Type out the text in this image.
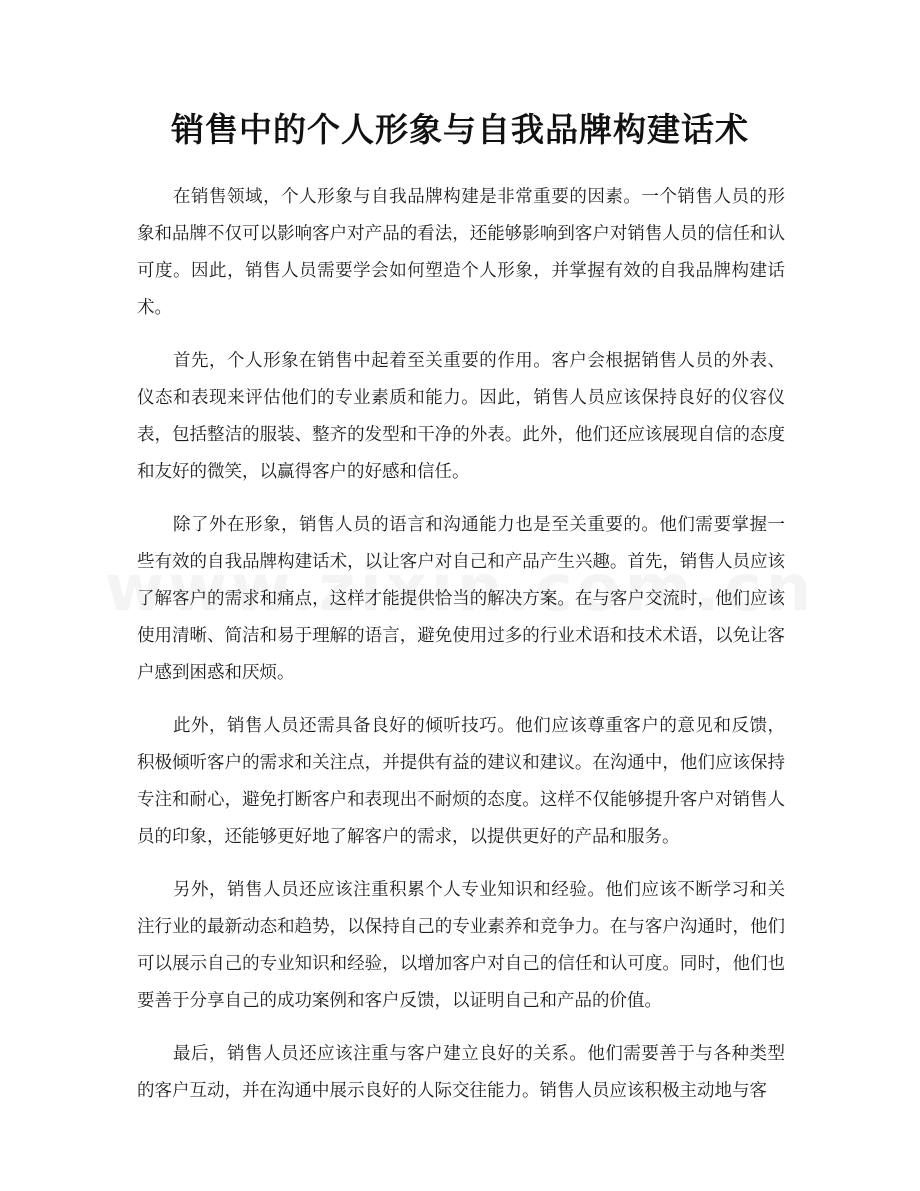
销售中的个人形象与自我品牌构建话术

在销售领域，个人形象与自我品牌构建是非常重要的因素。一个销售人员的形象和品牌不仅可以影响客户对产品的看法，还能够影响到客户对销售人员的信任和认可度。因此，销售人员需要学会如何塑造个人形象，并掌握有效的自我品牌构建话术。

首先，个人形象在销售中起着至关重要的作用。客户会根据销售人员的外表、仪态和表现来评估他们的专业素质和能力。因此，销售人员应该保持良好的仪容仪表，包括整洁的服装、整齐的发型和干净的外表。此外，他们还应该展现自信的态度和友好的微笑，以赢得客户的好感和信任。

除了外在形象，销售人员的语言和沟通能力也是至关重要的。他们需要掌握一些有效的自我品牌构建话术，以让客户对自己和产品产生兴趣。首先，销售人员应该了解客户的需求和痛点，这样才能提供恰当的解决方案。在与客户交流时，他们应该使用清晰、简洁和易于理解的语言，避免使用过多的行业术语和技术术语，以免让客户感到困惑和厌烦。

此外，销售人员还需具备良好的倾听技巧。他们应该尊重客户的意见和反馈，积极倾听客户的需求和关注点，并提供有益的建议和建议。在沟通中，他们应该保持专注和耐心，避免打断客户和表现出不耐烦的态度。这样不仅能够提升客户对销售人员的印象，还能够更好地了解客户的需求，以提供更好的产品和服务。

另外，销售人员还应该注重积累个人专业知识和经验。他们应该不断学习和关注行业的最新动态和趋势，以保持自己的专业素养和竞争力。在与客户沟通时，他们可以展示自己的专业知识和经验，以增加客户对自己的信任和认可度。同时，他们也要善于分享自己的成功案例和客户反馈，以证明自己和产品的价值。

最后，销售人员还应该注重与客户建立良好的关系。他们需要善于与各种类型的客户互动，并在沟通中展示良好的人际交往能力。销售人员应该积极主动地与客
